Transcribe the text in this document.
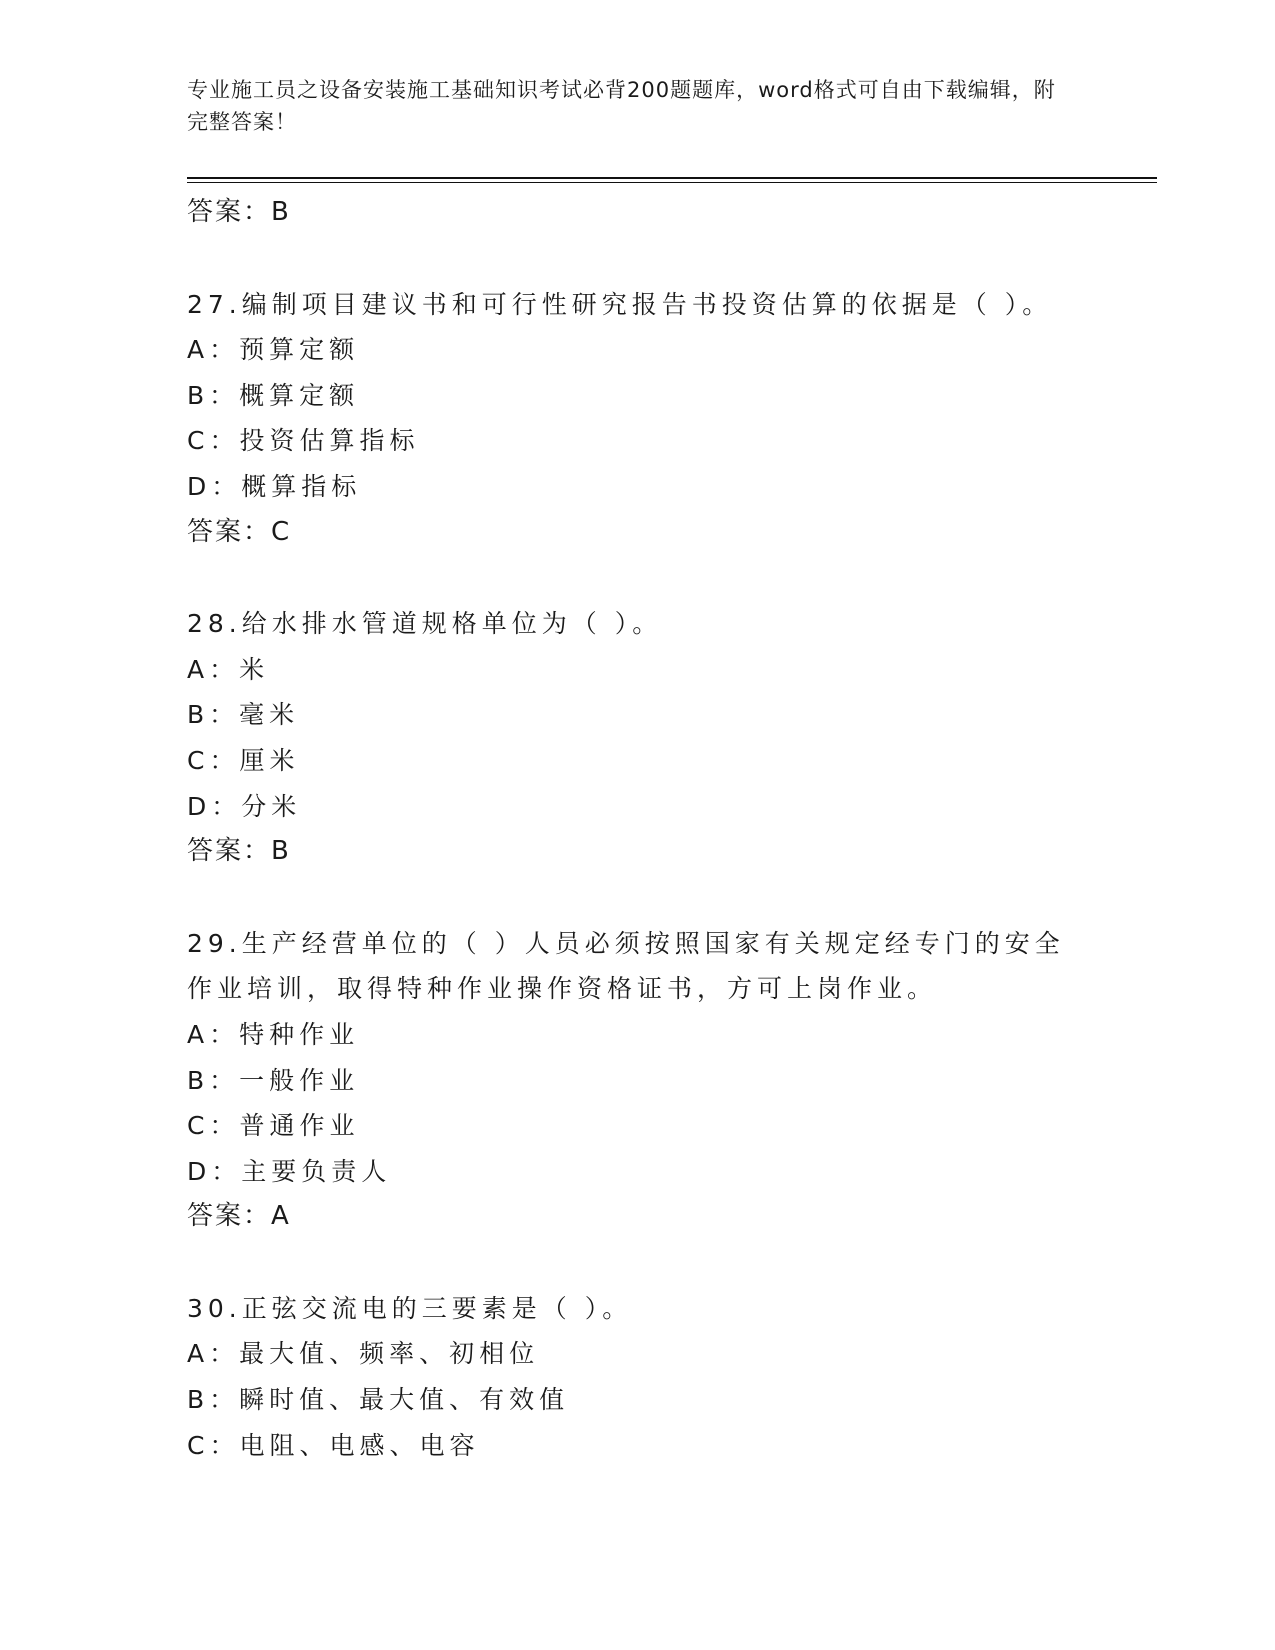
专业施工员之设备安装施工基础知识考试必背200题题库，word格式可自由下载编辑，附完整答案！
答案：B
27.编制项目建议书和可行性研究报告书投资估算的依据是（ ）。
A：预算定额
B：概算定额
C：投资估算指标
D：概算指标
答案：C
28.给水排水管道规格单位为（ ）。
A：米
B：毫米
C：厘米
D：分米
答案：B
29.生产经营单位的（ ）人员必须按照国家有关规定经专门的安全作业培训，取得特种作业操作资格证书，方可上岗作业。
A：特种作业
B：一般作业
C：普通作业
D：主要负责人
答案：A
30.正弦交流电的三要素是（ ）。
A：最大值、频率、初相位
B：瞬时值、最大值、有效值
C：电阻、电感、电容
